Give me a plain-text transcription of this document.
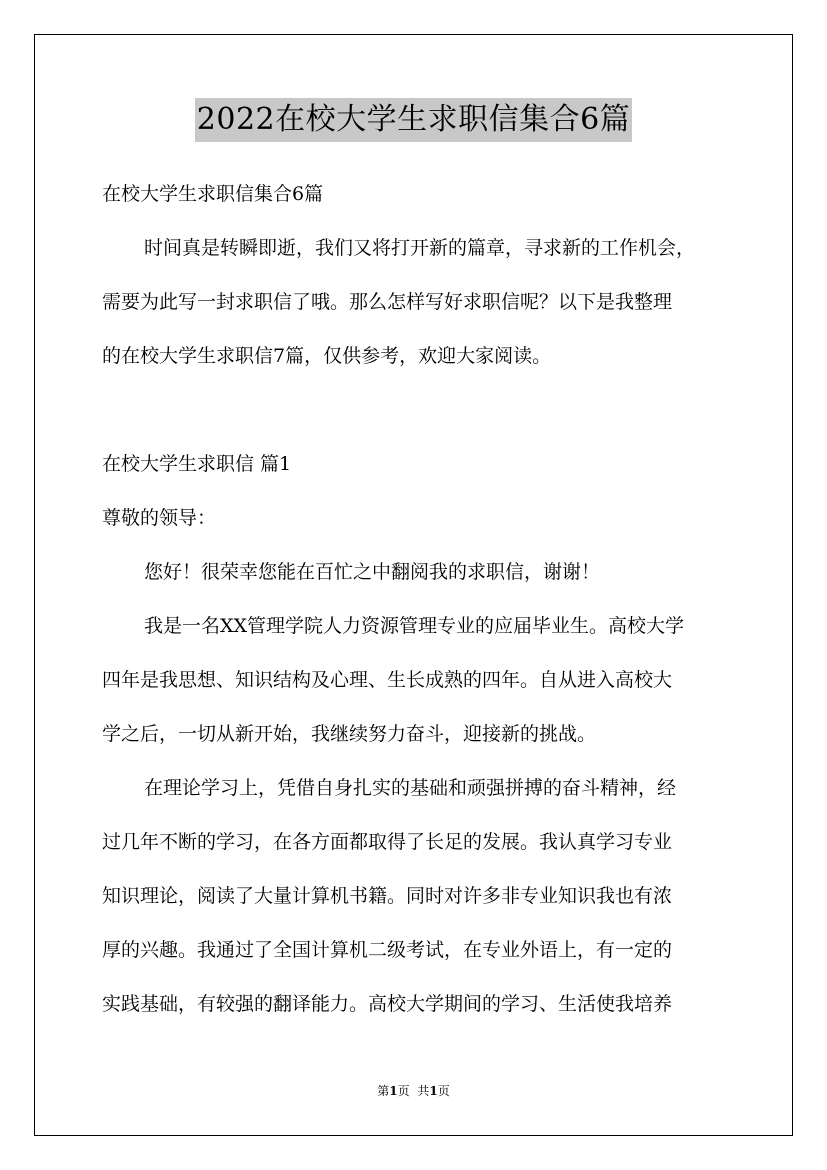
2022在校大学生求职信集合6篇
在校大学生求职信集合6篇
时间真是转瞬即逝，我们又将打开新的篇章，寻求新的工作机会，
需要为此写一封求职信了哦。那么怎样写好求职信呢？以下是我整理
的在校大学生求职信7篇，仅供参考，欢迎大家阅读。
在校大学生求职信 篇1
尊敬的领导：
您好！很荣幸您能在百忙之中翻阅我的求职信，谢谢！
我是一名XX管理学院人力资源管理专业的应届毕业生。高校大学
四年是我思想、知识结构及心理、生长成熟的四年。自从进入高校大
学之后，一切从新开始，我继续努力奋斗，迎接新的挑战。
在理论学习上，凭借自身扎实的基础和顽强拼搏的奋斗精神，经
过几年不断的学习，在各方面都取得了长足的发展。我认真学习专业
知识理论，阅读了大量计算机书籍。同时对许多非专业知识我也有浓
厚的兴趣。我通过了全国计算机二级考试，在专业外语上，有一定的
实践基础，有较强的翻译能力。高校大学期间的学习、生活使我培养
第1页 共1页
